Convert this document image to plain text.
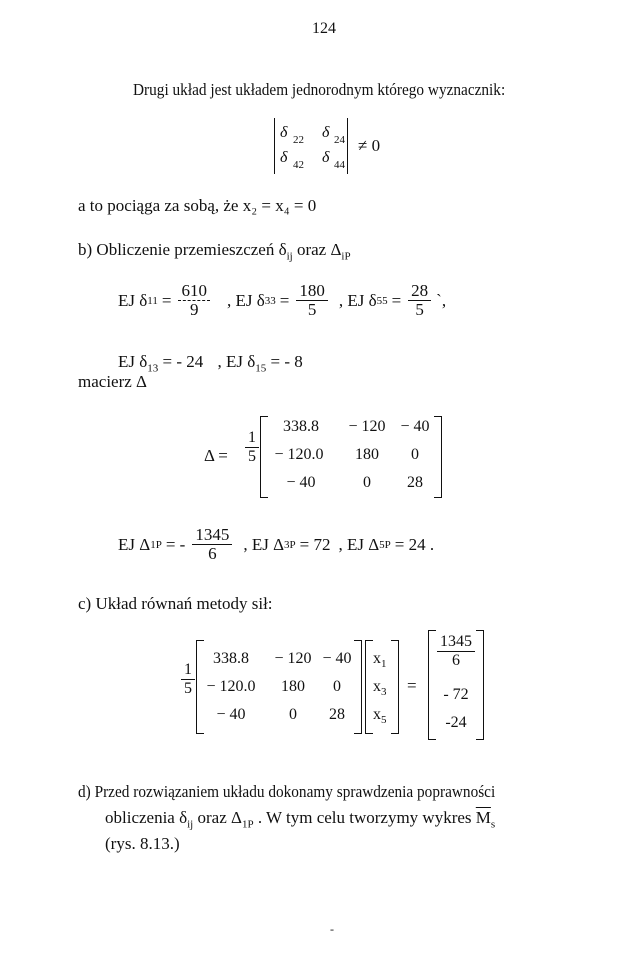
124
Drugi układ jest układem jednorodnym którego wyznacznik:
δ 22 δ 24
δ 42 δ 44
≠ 0
a to pociąga za sobą, że x₂ = x₄ = 0
b) Obliczenie przemieszczeń $\delta_{ij}$ oraz $\Delta_{iP}$
EJ δ $11 = \frac{610}{9}$ , EJ δ $33 = \frac{180}{5}$ , EJ δ $55 = \frac{28}{5}$ `,
EJ $\delta_{13}$ = - 24 , EJ $\delta_{15}$ = - 8
macierz Δ
$\Delta = \frac{1}{5}$
338.8	− 120 − 40
− 120.0	180	0
− 40	0	28
EJ Δ 1P = - $\frac{1345}{6}$ , EJ Δ 3P = 72 , EJ Δ 5P = 24 .
c) Układ równań metody sił:
$\frac{1}{5}$
338.8	− 120 − 40
− 120.0	180	0
− 40	0	28
$x_1$
$x_3$
$x_5$
=
$\frac{1345}{6}$
- 72
-24
d) Przed rozwiązaniem układu dokonamy sprawdzenia poprawności
obliczenia $\delta_{ij}$ oraz $\Delta_{1P}$ . W tym celu tworzymy wykres $\overline{M}_s$
(rys. 8.13.)
-
